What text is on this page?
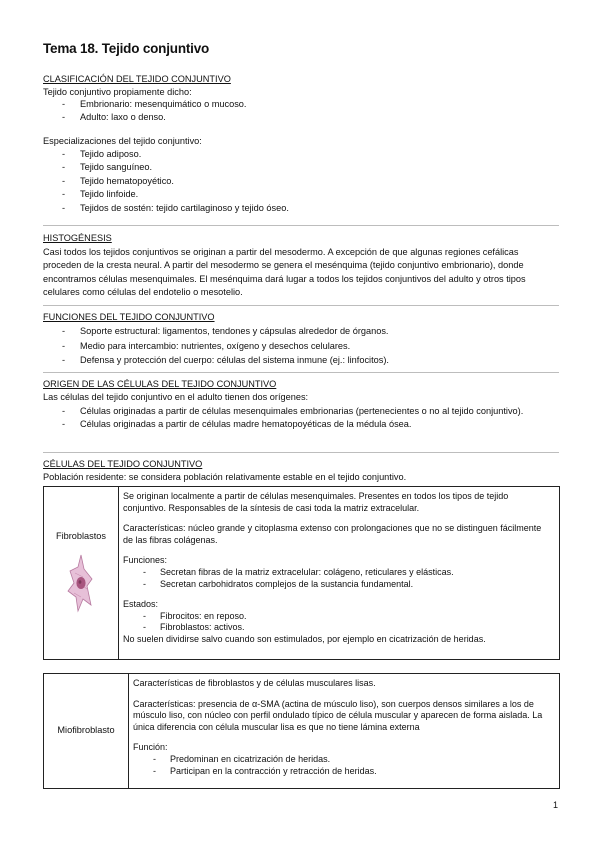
Tema 18. Tejido conjuntivo
CLASIFICACIÓN DEL TEJIDO CONJUNTIVO
Tejido conjuntivo propiamente dicho:
- Embrionario: mesenquimático o mucoso.
- Adulto: laxo o denso.
Especializaciones del tejido conjuntivo:
- Tejido adiposo.
- Tejido sanguíneo.
- Tejido hematopoyético.
- Tejido linfoide.
- Tejidos de sostén: tejido cartilaginoso y tejido óseo.
HISTOGÉNESIS
Casi todos los tejidos conjuntivos se originan a partir del mesodermo. A excepción de que algunas regiones cefálicas proceden de la cresta neural. A partir del mesodermo se genera el mesénquima (tejido conjuntivo embrionario), donde encontramos células mesenquimales. El mesénquima dará lugar a todos los tejidos conjuntivos del adulto y otros tipos celulares como células del endotelio o mesotelio.
FUNCIONES DEL TEJIDO CONJUNTIVO
- Soporte estructural: ligamentos, tendones y cápsulas alrededor de órganos.
- Medio para intercambio: nutrientes, oxígeno y desechos celulares.
- Defensa y protección del cuerpo: células del sistema inmune (ej.: linfocitos).
ORIGEN DE LAS CÉLULAS DEL TEJIDO CONJUNTIVO
Las células del tejido conjuntivo en el adulto tienen dos orígenes:
- Células originadas a partir de células mesenquimales embrionarias (pertenecientes o no al tejido conjuntivo).
- Células originadas a partir de células madre hematopoyéticas de la médula ósea.
CÉLULAS DEL TEJIDO CONJUNTIVO
Población residente: se considera población relativamente estable en el tejido conjuntivo.
Fibroblastos

Se originan localmente a partir de células mesenquimales. Presentes en todos los tipos de tejido conjuntivo. Responsables de la síntesis de casi toda la matriz extracelular.
Características: núcleo grande y citoplasma extenso con prolongaciones que no se distinguen fácilmente de las fibras colágenas.
Funciones:
- Secretan fibras de la matriz extracelular: colágeno, reticulares y elásticas.
- Secretan carbohidratos complejos de la sustancia fundamental.
Estados:
- Fibrocitos: en reposo.
- Fibroblastos: activos.
No suelen dividirse salvo cuando son estimulados, por ejemplo en cicatrización de heridas.
Miofibroblasto

Características de fibroblastos y de células musculares lisas.
Características: presencia de α-SMA (actina de músculo liso), son cuerpos densos similares a los de músculo liso, con núcleo con perfil ondulado típico de célula muscular y aparecen de forma aislada. La única diferencia con célula muscular lisa es que no tiene lámina externa
Función:
- Predominan en cicatrización de heridas.
- Participan en la contracción y retracción de heridas.
1
